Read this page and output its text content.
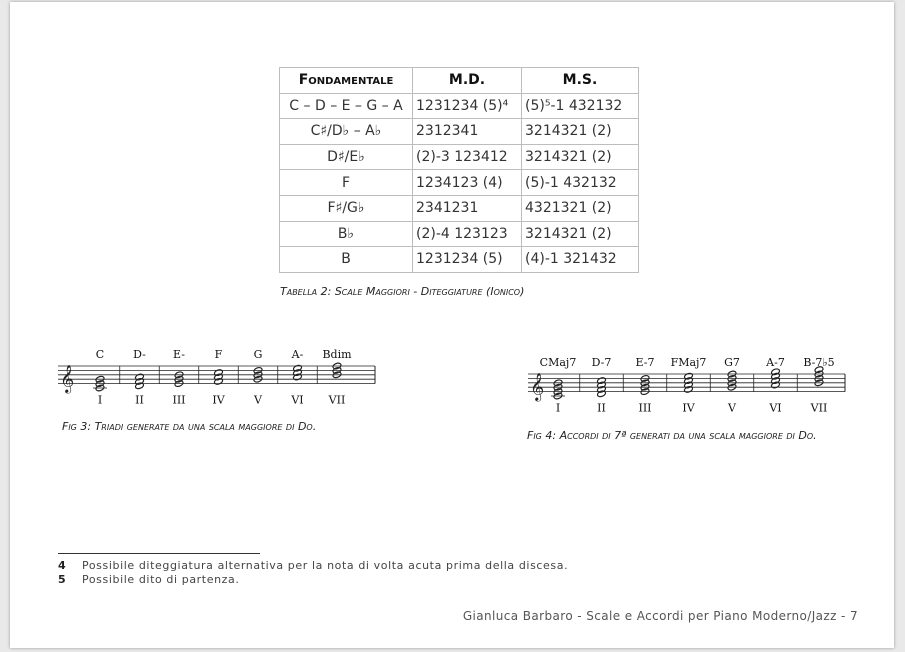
Fondamentale	M.D.	M.S.
C – D – E – G – A	1231234 (5)⁴	(5)⁵-1 432132
C♯/D♭ – A♭	2312341	3214321 (2)
D♯/E♭	(2)-3 123412	3214321 (2)
F	1234123 (4)	(5)-1 432132
F♯/G♭	2341231	4321321 (2)
B♭	(2)-4 123123	3214321 (2)
B	1231234 (5)	(4)-1 321432
Tabella 2: Scale Maggiori - Diteggiature (Ionico)
𝄞
C
I
D-
II
E-
III
F
IV
G
V
A-
VI
Bdim
VII
Fig 3: Triadi generate da una scala maggiore di Do.
𝄞
CMaj7
I
D-7
II
E-7
III
FMaj7
IV
G7
V
A-7
VI
B-7♭5
VII
Fig 4: Accordi di 7ª generati da una scala maggiore di Do.
4 Possibile diteggiatura alternativa per la nota di volta acuta prima della discesa.
5 Possibile dito di partenza.
Gianluca Barbaro - Scale e Accordi per Piano Moderno/Jazz - 7
